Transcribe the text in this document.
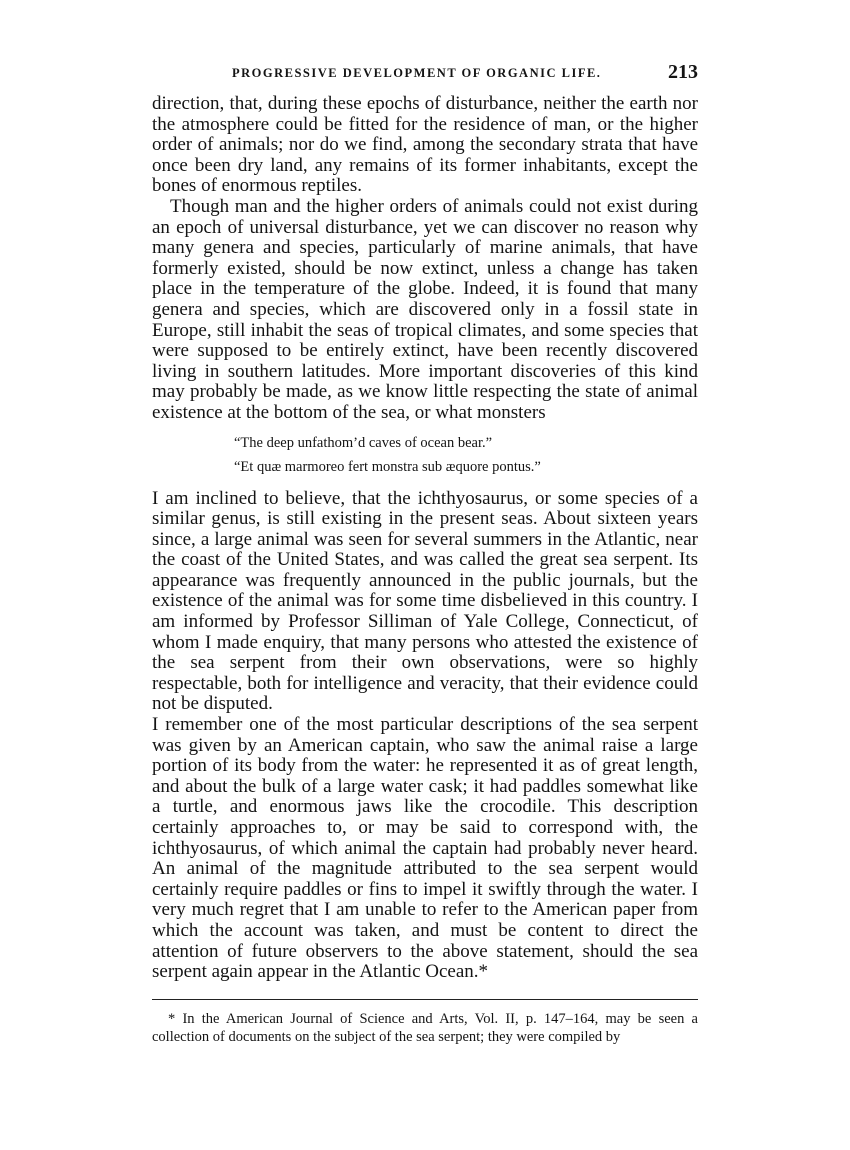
PROGRESSIVE DEVELOPMENT OF ORGANIC LIFE.	213

direction, that, during these epochs of disturbance, neither the earth nor the atmosphere could be fitted for the residence of man, or the higher order of animals; nor do we find, among the secondary strata that have once been dry land, any remains of its former inhabitants, except the bones of enormous reptiles.

Though man and the higher orders of animals could not exist during an epoch of universal disturbance, yet we can discover no reason why many genera and species, particularly of marine animals, that have formerly existed, should be now extinct, unless a change has taken place in the temperature of the globe. Indeed, it is found that many genera and species, which are discovered only in a fossil state in Europe, still inhabit the seas of tropical climates, and some species that were supposed to be entirely extinct, have been recently discovered living in southern latitudes. More important discoveries of this kind may probably be made, as we know little respecting the state of animal existence at the bottom of the sea, or what monsters

“The deep unfathom’d caves of ocean bear.”
“Et quæ marmoreo fert monstra sub æquore pontus.”

I am inclined to believe, that the ichthyosaurus, or some species of a similar genus, is still existing in the present seas. About sixteen years since, a large animal was seen for several summers in the Atlantic, near the coast of the United States, and was called the great sea serpent. Its appearance was frequently announced in the public journals, but the existence of the animal was for some time disbelieved in this country. I am informed by Professor Silliman of Yale College, Connecticut, of whom I made enquiry, that many persons who attested the existence of the sea serpent from their own observations, were so highly respectable, both for intelligence and veracity, that their evidence could not be disputed.

I remember one of the most particular descriptions of the sea serpent was given by an American captain, who saw the animal raise a large portion of its body from the water: he represented it as of great length, and about the bulk of a large water cask; it had paddles somewhat like a turtle, and enormous jaws like the crocodile. This description certainly approaches to, or may be said to correspond with, the ichthyosaurus, of which animal the captain had probably never heard. An animal of the magnitude attributed to the sea serpent would certainly require paddles or fins to impel it swiftly through the water. I very much regret that I am unable to refer to the American paper from which the account was taken, and must be content to direct the attention of future observers to the above statement, should the sea serpent again appear in the Atlantic Ocean.*

* In the American Journal of Science and Arts, Vol. II, p. 147–164, may be seen a collection of documents on the subject of the sea serpent; they were compiled by
